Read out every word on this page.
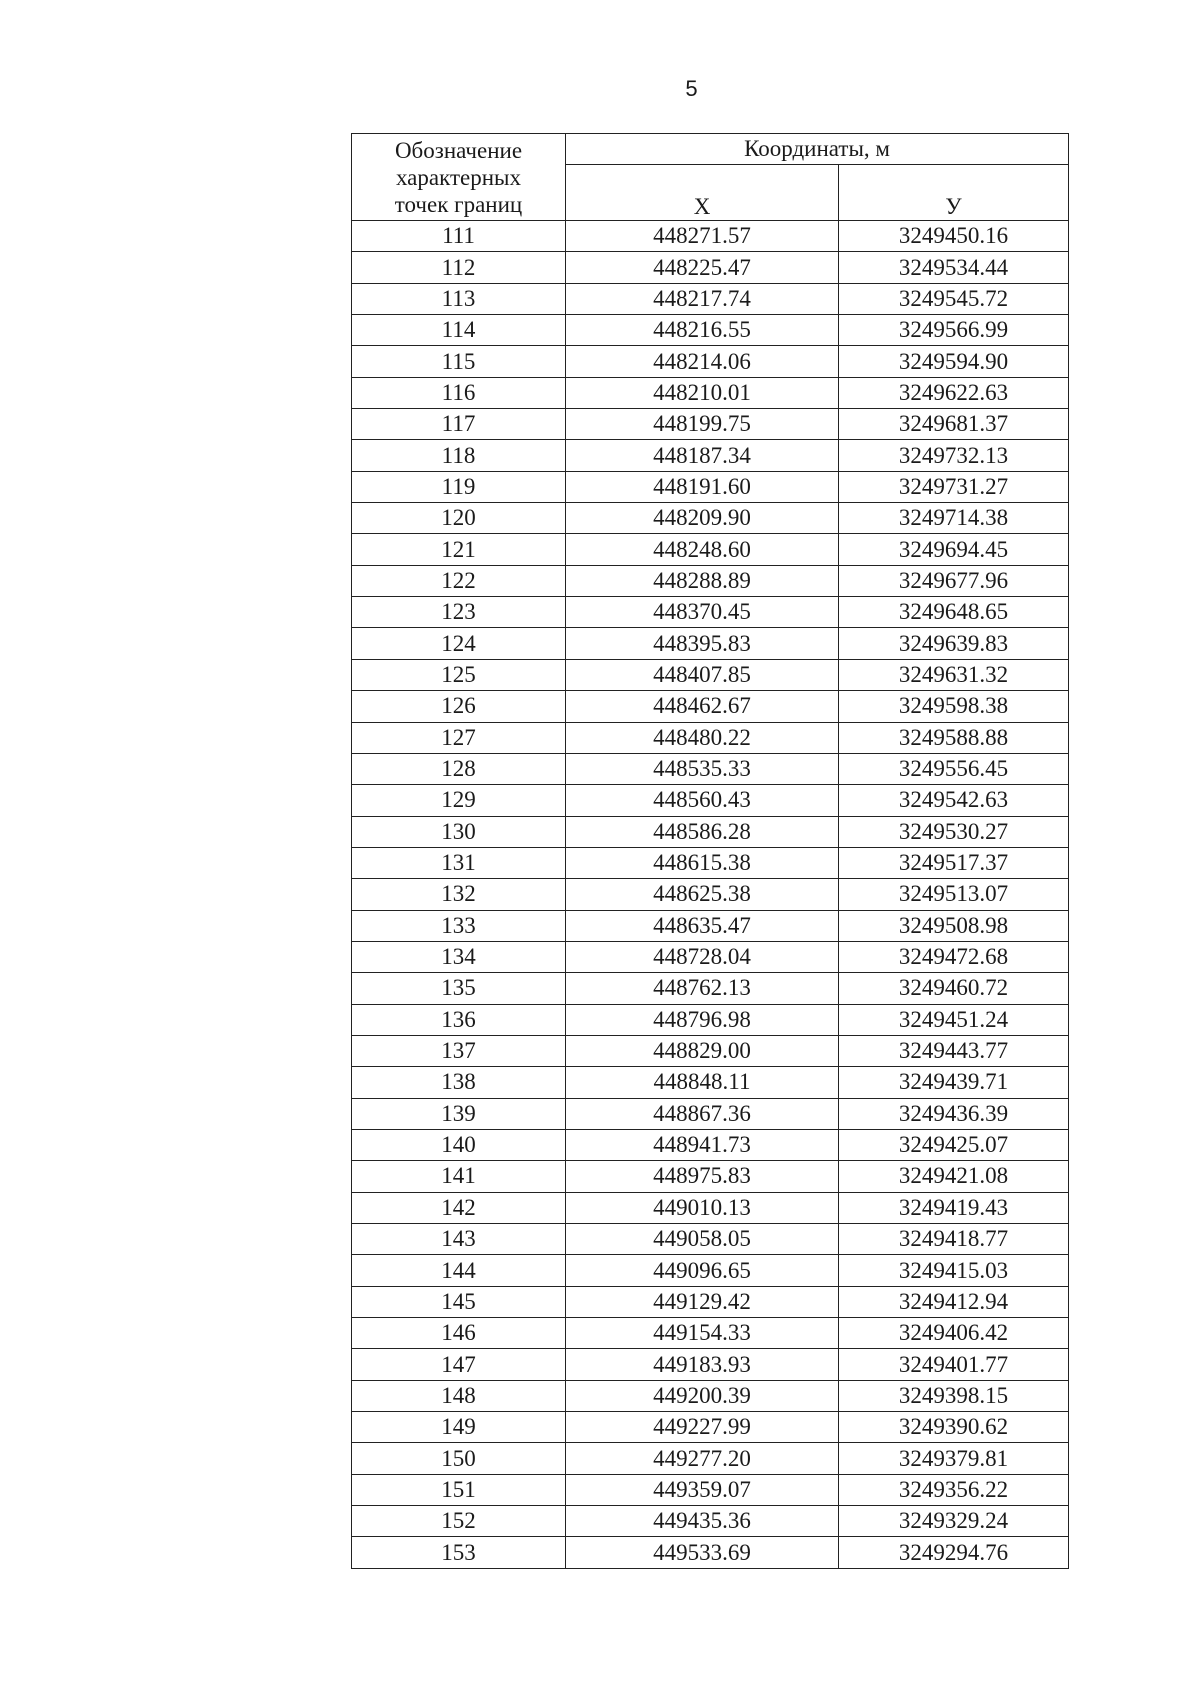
5
Обозначение
характерных
точек границ	Координаты, м	
	X	У
111	448271.57	3249450.16
112	448225.47	3249534.44
113	448217.74	3249545.72
114	448216.55	3249566.99
115	448214.06	3249594.90
116	448210.01	3249622.63
117	448199.75	3249681.37
118	448187.34	3249732.13
119	448191.60	3249731.27
120	448209.90	3249714.38
121	448248.60	3249694.45
122	448288.89	3249677.96
123	448370.45	3249648.65
124	448395.83	3249639.83
125	448407.85	3249631.32
126	448462.67	3249598.38
127	448480.22	3249588.88
128	448535.33	3249556.45
129	448560.43	3249542.63
130	448586.28	3249530.27
131	448615.38	3249517.37
132	448625.38	3249513.07
133	448635.47	3249508.98
134	448728.04	3249472.68
135	448762.13	3249460.72
136	448796.98	3249451.24
137	448829.00	3249443.77
138	448848.11	3249439.71
139	448867.36	3249436.39
140	448941.73	3249425.07
141	448975.83	3249421.08
142	449010.13	3249419.43
143	449058.05	3249418.77
144	449096.65	3249415.03
145	449129.42	3249412.94
146	449154.33	3249406.42
147	449183.93	3249401.77
148	449200.39	3249398.15
149	449227.99	3249390.62
150	449277.20	3249379.81
151	449359.07	3249356.22
152	449435.36	3249329.24
153	449533.69	3249294.76
